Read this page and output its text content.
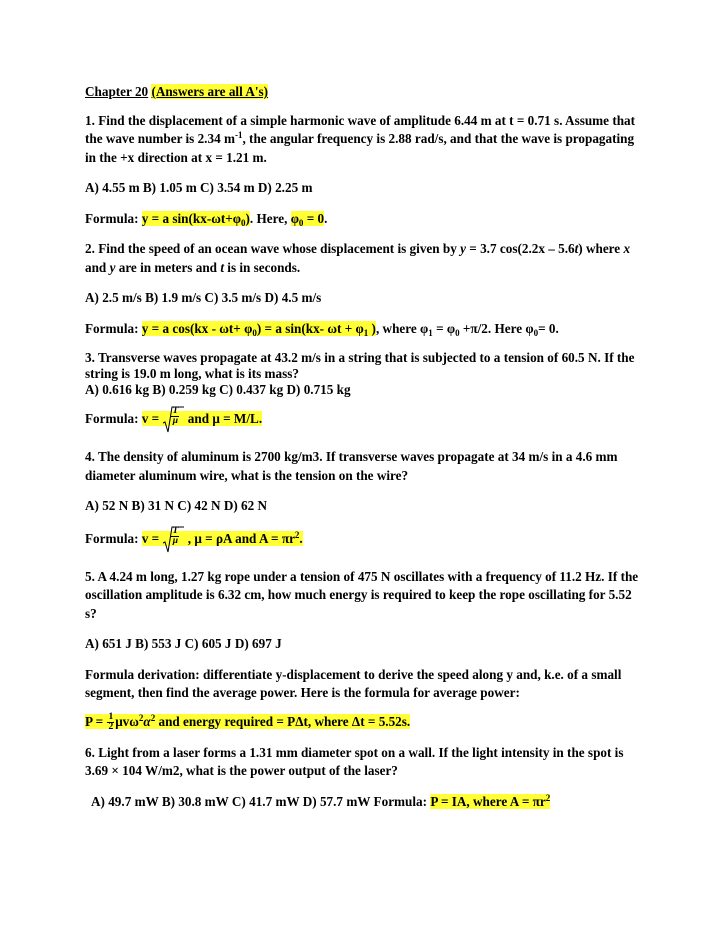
Chapter 20 (Answers are all A's)

1. Find the displacement of a simple harmonic wave of amplitude 6.44 m at t = 0.71 s. Assume that the wave number is 2.34 $m^{-1}$, the angular frequency is 2.88 rad/s, and that the wave is propagating in the +x direction at x = 1.21 m.

A) 4.55 m B) 1.05 m C) 3.54 m D) 2.25 m

Formula: y = a $\sin(kx-\omega t+\varphi_0)$. Here, $\varphi_0 = 0$.

2. Find the speed of an ocean wave whose displacement is given by y = 3.7 cos(2.2x – 5.6t) where x and y are in meters and t is in seconds.

A) 2.5 m/s B) 1.9 m/s C) 3.5 m/s D) 4.5 m/s

Formula: y = a $\cos(kx - \omega t+ \varphi_0) = a$ sin(kx- $\omega t + \varphi_1$ ), where $\varphi_1 = \varphi_0 +\pi/2$. Here $\varphi_0= 0$.

3. Transverse waves propagate at 43.2 m/s in a string that is subjected to a tension of 60.5 N. If the string is 19.0 m long, what is its mass?

A) 0.616 kg B) 0.259 kg C) 0.437 kg D) 0.715 kg

Formula: $v = \frac{T}{\mu}$ and μ = M/L.

4. The density of aluminum is 2700 kg/m3. If transverse waves propagate at 34 m/s in a 4.6 mm diameter aluminum wire, what is the tension on the wire?

A) 52 N B) 31 N C) 42 N D) 62 N

Formula: $v = \frac{T}{\mu}$ , μ = ρA and $A = \pi r^2$.

5. A 4.24 m long, 1.27 kg rope under a tension of 475 N oscillates with a frequency of 11.2 Hz. If the oscillation amplitude is 6.32 cm, how much energy is required to keep the rope oscillating for 5.52 s?

A) 651 J B) 553 J C) 605 J D) 697 J

Formula derivation: differentiate y-displacement to derive the speed along y and, k.e. of a small segment, then find the average power. Here is the formula for average power:

$P = \frac{1}{2} \mu v\omega^2\alpha^2$ and energy required = PΔt, where Δt = 5.52s.

6. Light from a laser forms a 1.31 mm diameter spot on a wall. If the light intensity in the spot is 3.69 × 104 W/m2, what is the power output of the laser?

A) 49.7 mW B) 30.8 mW C) 41.7 mW D) 57.7 mW Formula: P = IA, where $A = \pi r^2$
